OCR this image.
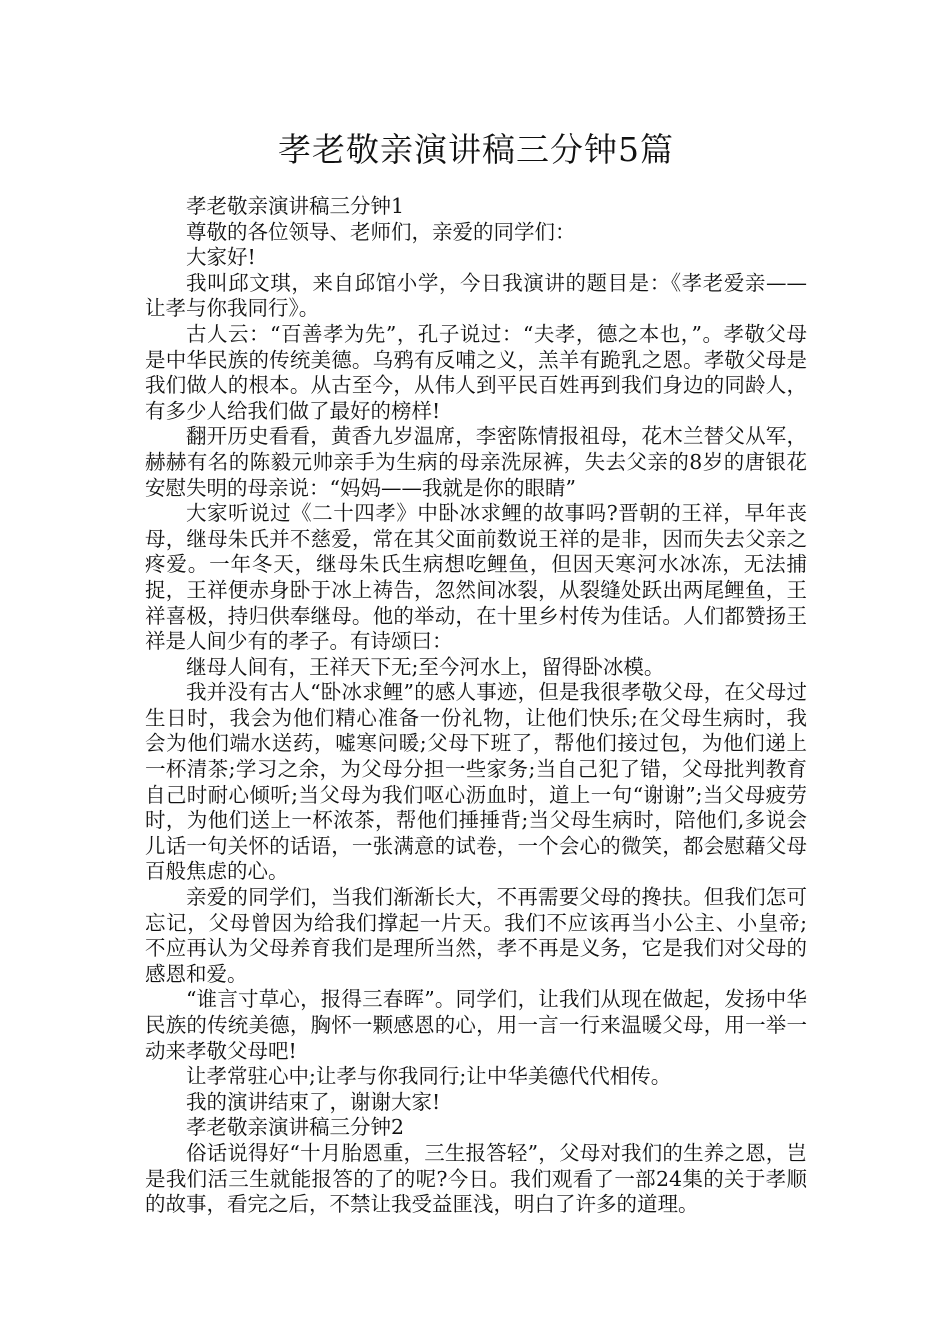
孝老敬亲演讲稿三分钟5篇

孝老敬亲演讲稿三分钟1

尊敬的各位领导、老师们，亲爱的同学们：

大家好!

我叫邱文琪，来自邱馆小学，今日我演讲的题目是：《孝老爱亲——让孝与你我同行》。

古人云：“百善孝为先”，孔子说过：“夫孝，德之本也，”。孝敬父母是中华民族的传统美德。乌鸦有反哺之义，羔羊有跪乳之恩。孝敬父母是我们做人的根本。从古至今，从伟人到平民百姓再到我们身边的同龄人，有多少人给我们做了最好的榜样!

翻开历史看看，黄香九岁温席，李密陈情报祖母，花木兰替父从军，赫赫有名的陈毅元帅亲手为生病的母亲洗尿裤，失去父亲的8岁的唐银花安慰失明的母亲说：“妈妈——我就是你的眼睛”

大家听说过《二十四孝》中卧冰求鲤的故事吗?晋朝的王祥，早年丧母，继母朱氏并不慈爱，常在其父面前数说王祥的是非，因而失去父亲之疼爱。一年冬天，继母朱氏生病想吃鲤鱼，但因天寒河水冰冻，无法捕捉，王祥便赤身卧于冰上祷告，忽然间冰裂，从裂缝处跃出两尾鲤鱼，王祥喜极，持归供奉继母。他的举动，在十里乡村传为佳话。人们都赞扬王祥是人间少有的孝子。有诗颂曰：

继母人间有，王祥天下无;至今河水上，留得卧冰模。

我并没有古人“卧冰求鲤”的感人事迹，但是我很孝敬父母，在父母过生日时，我会为他们精心准备一份礼物，让他们快乐;在父母生病时，我会为他们端水送药，嘘寒问暖;父母下班了，帮他们接过包，为他们递上一杯清茶;学习之余，为父母分担一些家务;当自己犯了错，父母批判教育自己时耐心倾听;当父母为我们呕心沥血时，道上一句“谢谢”;当父母疲劳时，为他们送上一杯浓茶，帮他们捶捶背;当父母生病时，陪他们,多说会儿话一句关怀的话语，一张满意的试卷，一个会心的微笑，都会慰藉父母百般焦虑的心。

亲爱的同学们，当我们渐渐长大，不再需要父母的搀扶。但我们怎可忘记，父母曾因为给我们撑起一片天。我们不应该再当小公主、小皇帝;不应再认为父母养育我们是理所当然，孝不再是义务，它是我们对父母的感恩和爱。

“谁言寸草心，报得三春晖”。同学们，让我们从现在做起，发扬中华民族的传统美德，胸怀一颗感恩的心，用一言一行来温暖父母，用一举一动来孝敬父母吧!

让孝常驻心中;让孝与你我同行;让中华美德代代相传。

我的演讲结束了，谢谢大家!

孝老敬亲演讲稿三分钟2

俗话说得好“十月胎恩重，三生报答轻”，父母对我们的生养之恩，岂是我们活三生就能报答的了的呢?今日。我们观看了一部24集的关于孝顺的故事，看完之后，不禁让我受益匪浅，明白了许多的道理。
